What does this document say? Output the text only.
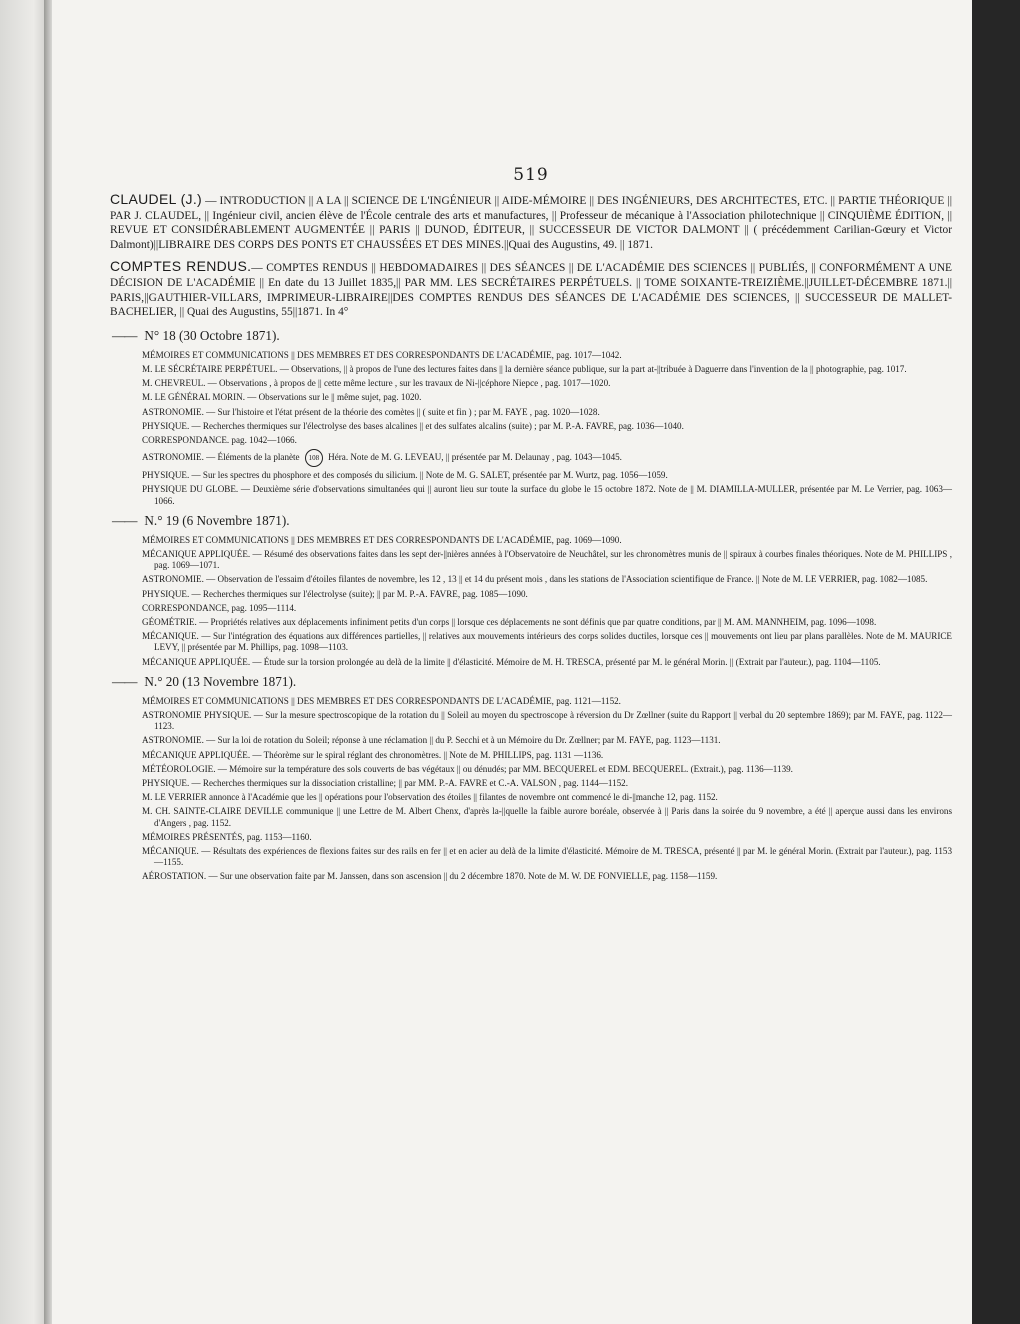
519
CLAUDEL (J.) — INTRODUCTION || A LA || SCIENCE DE L'INGÉNIEUR || AIDE-MÉMOIRE || DES INGÉNIEURS, DES ARCHITECTES, ETC. || PARTIE THÉORIQUE || PAR J. CLAUDEL, || Ingénieur civil, ancien élève de l'École centrale des arts et manufactures, || Professeur de mécanique à l'Association philotechnique || CINQUIÈME ÉDITION, || REVUE ET CONSIDÉRABLEMENT AUGMENTÉE || PARIS || DUNOD, ÉDITEUR, || SUCCESSEUR DE VICTOR DALMONT || ( précédemment Carilian-Gœury et Victor Dalmont)||LIBRAIRE DES CORPS DES PONTS ET CHAUSSÉES ET DES MINES.||Quai des Augustins, 49. || 1871.
COMPTES RENDUS.— COMPTES RENDUS || HEBDOMADAIRES || DES SÉANCES || DE L'ACADÉMIE DES SCIENCES || PUBLIÉS, || CONFORMÉMENT A UNE DÉCISION DE L'ACADÉMIE || En date du 13 Juillet 1835,|| PAR MM. LES SECRÉTAIRES PERPÉTUELS. || TOME SOIXANTE-TREIZIÈME.||JUILLET-DÉCEMBRE 1871.|| PARIS,||GAUTHIER-VILLARS, IMPRIMEUR-LIBRAIRE||DES COMPTES RENDUS DES SÉANCES DE L'ACADÉMIE DES SCIENCES, || SUCCESSEUR DE MALLET-BACHELIER, || Quai des Augustins, 55||1871. In 4°
—— N° 18 (30 Octobre 1871).
MÉMOIRES ET COMMUNICATIONS || DES MEMBRES ET DES CORRESPONDANTS DE L'ACADÉMIE, pag. 1017—1042.
M. LE SÉCRÉTAIRE PERPÉTUEL. — Observations, || à propos de l'une des lectures faites dans || la dernière séance publique, sur la part at-||tribuée à Daguerre dans l'invention de la || photographie, pag. 1017.
M. CHEVREUL. — Observations , à propos de || cette même lecture , sur les travaux de Ni-||céphore Niepce , pag. 1017—1020.
M. LE GÉNÉRAL MORIN. — Observations sur le || même sujet, pag. 1020.
ASTRONOMIE. — Sur l'histoire et l'état présent de la théorie des comètes || ( suite et fin ) ; par M. FAYE , pag. 1020—1028.
PHYSIQUE. — Recherches thermiques sur l'électrolyse des bases alcalines || et des sulfates alcalins (suite) ; par M. P.-A. FAVRE, pag. 1036—1040.
CORRESPONDANCE. pag. 1042—1066.
ASTRONOMIE. — Éléments de la planète 108 Héra. Note de M. G. LEVEAU, || présentée par M. Delaunay , pag. 1043—1045.
PHYSIQUE. — Sur les spectres du phosphore et des composés du silicium. || Note de M. G. SALET, présentée par M. Wurtz, pag. 1056—1059.
PHYSIQUE DU GLOBE. — Deuxième série d'observations simultanées qui || auront lieu sur toute la surface du globe le 15 octobre 1872. Note de || M. DIAMILLA-MULLER, présentée par M. Le Verrier, pag. 1063—1066.
—— N.° 19 (6 Novembre 1871).
MÉMOIRES ET COMMUNICATIONS || DES MEMBRES ET DES CORRESPONDANTS DE L'ACADÉMIE, pag. 1069—1090.
MÉCANIQUE APPLIQUÉE. — Résumé des observations faites dans les sept der-||nières années à l'Observatoire de Neuchâtel, sur les chronomètres munis de || spiraux à courbes finales théoriques. Note de M. PHILLIPS , pag. 1069—1071.
ASTRONOMIE. — Observation de l'essaim d'étoiles filantes de novembre, les 12 , 13 || et 14 du présent mois , dans les stations de l'Association scientifique de France. || Note de M. LE VERRIER, pag. 1082—1085.
PHYSIQUE. — Recherches thermiques sur l'électrolyse (suite); || par M. P.-A. FAVRE, pag. 1085—1090.
CORRESPONDANCE, pag. 1095—1114.
GÉOMÉTRIE. — Propriétés relatives aux déplacements infiniment petits d'un corps || lorsque ces déplacements ne sont définis que par quatre conditions, par || M. AM. MANNHEIM, pag. 1096—1098.
MÉCANIQUE. — Sur l'intégration des équations aux différences partielles, || relatives aux mouvements intérieurs des corps solides ductiles, lorsque ces || mouvements ont lieu par plans parallèles. Note de M. MAURICE LEVY, || présentée par M. Phillips, pag. 1098—1103.
MÉCANIQUE APPLIQUÉE. — Étude sur la torsion prolongée au delà de la limite || d'élasticité. Mémoire de M. H. TRESCA, présenté par M. le général Morin. || (Extrait par l'auteur.), pag. 1104—1105.
—— N.° 20 (13 Novembre 1871).
MÉMOIRES ET COMMUNICATIONS || DES MEMBRES ET DES CORRESPONDANTS DE L'ACADÉMIE, pag. 1121—1152.
ASTRONOMIE PHYSIQUE. — Sur la mesure spectroscopique de la rotation du || Soleil au moyen du spectroscope à réversion du Dr Zœllner (suite du Rapport || verbal du 20 septembre 1869); par M. FAYE, pag. 1122—1123.
ASTRONOMIE. — Sur la loi de rotation du Soleil; réponse à une réclamation || du P. Secchi et à un Mémoire du Dr. Zœllner; par M. FAYE, pag. 1123—1131.
MÉCANIQUE APPLIQUÉE. — Théorème sur le spiral réglant des chronomètres. || Note de M. PHILLIPS, pag. 1131 —1136.
MÉTÉOROLOGIE. — Mémoire sur la température des sols couverts de bas végétaux || ou dénudés; par MM. BECQUEREL et EDM. BECQUEREL. (Extrait.), pag. 1136—1139.
PHYSIQUE. — Recherches thermiques sur la dissociation cristalline; || par MM. P.-A. FAVRE et C.-A. VALSON , pag. 1144—1152.
M. LE VERRIER annonce à l'Académie que les || opérations pour l'observation des étoiles || filantes de novembre ont commencé le di-||manche 12, pag. 1152.
M. CH. SAINTE-CLAIRE DEVILLE communique || une Lettre de M. Albert Chenx, d'après la-||quelle la faible aurore boréale, observée à || Paris dans la soirée du 9 novembre, a été || aperçue aussi dans les environs d'Angers , pag. 1152.
MÉMOIRES PRÉSENTÉS, pag. 1153—1160.
MÉCANIQUE. — Résultats des expériences de flexions faites sur des rails en fer || et en acier au delà de la limite d'élasticité. Mémoire de M. TRESCA, présenté || par M. le général Morin. (Extrait par l'auteur.), pag. 1153 —1155.
AÉROSTATION. — Sur une observation faite par M. Janssen, dans son ascension || du 2 décembre 1870. Note de M. W. DE FONVIELLE, pag. 1158—1159.
